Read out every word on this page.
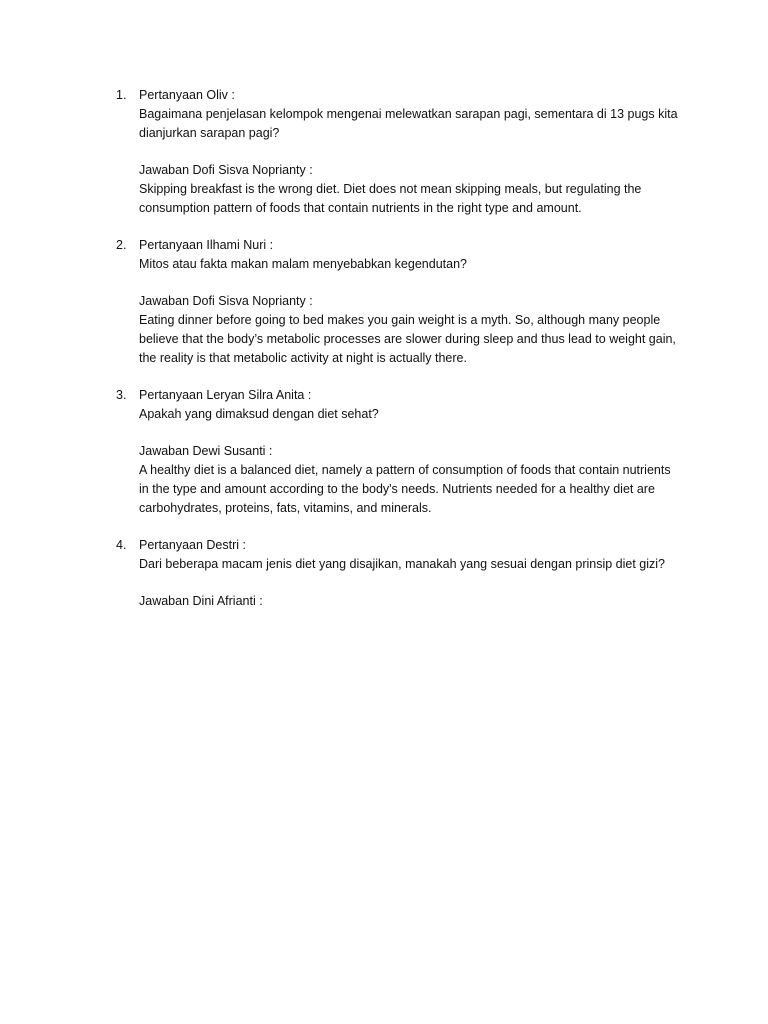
1. Pertanyaan Oliv :
Bagaimana penjelasan kelompok mengenai melewatkan sarapan pagi, sementara di 13 pugs kita dianjurkan sarapan pagi?
Jawaban Dofi Sisva Noprianty :
Skipping breakfast is the wrong diet. Diet does not mean skipping meals, but regulating the consumption pattern of foods that contain nutrients in the right type and amount.
2. Pertanyaan Ilhami Nuri :
Mitos atau fakta makan malam menyebabkan kegendutan?
Jawaban Dofi Sisva Noprianty :
Eating dinner before going to bed makes you gain weight is a myth. So, although many people believe that the body’s metabolic processes are slower during sleep and thus lead to weight gain, the reality is that metabolic activity at night is actually there.
3. Pertanyaan Leryan Silra Anita :
Apakah yang dimaksud dengan diet sehat?
Jawaban Dewi Susanti :
A healthy diet is a balanced diet, namely a pattern of consumption of foods that contain nutrients in the type and amount according to the body's needs. Nutrients needed for a healthy diet are carbohydrates, proteins, fats, vitamins, and minerals.
4. Pertanyaan Destri :
Dari beberapa macam jenis diet yang disajikan, manakah yang sesuai dengan prinsip diet gizi?
Jawaban Dini Afrianti :
